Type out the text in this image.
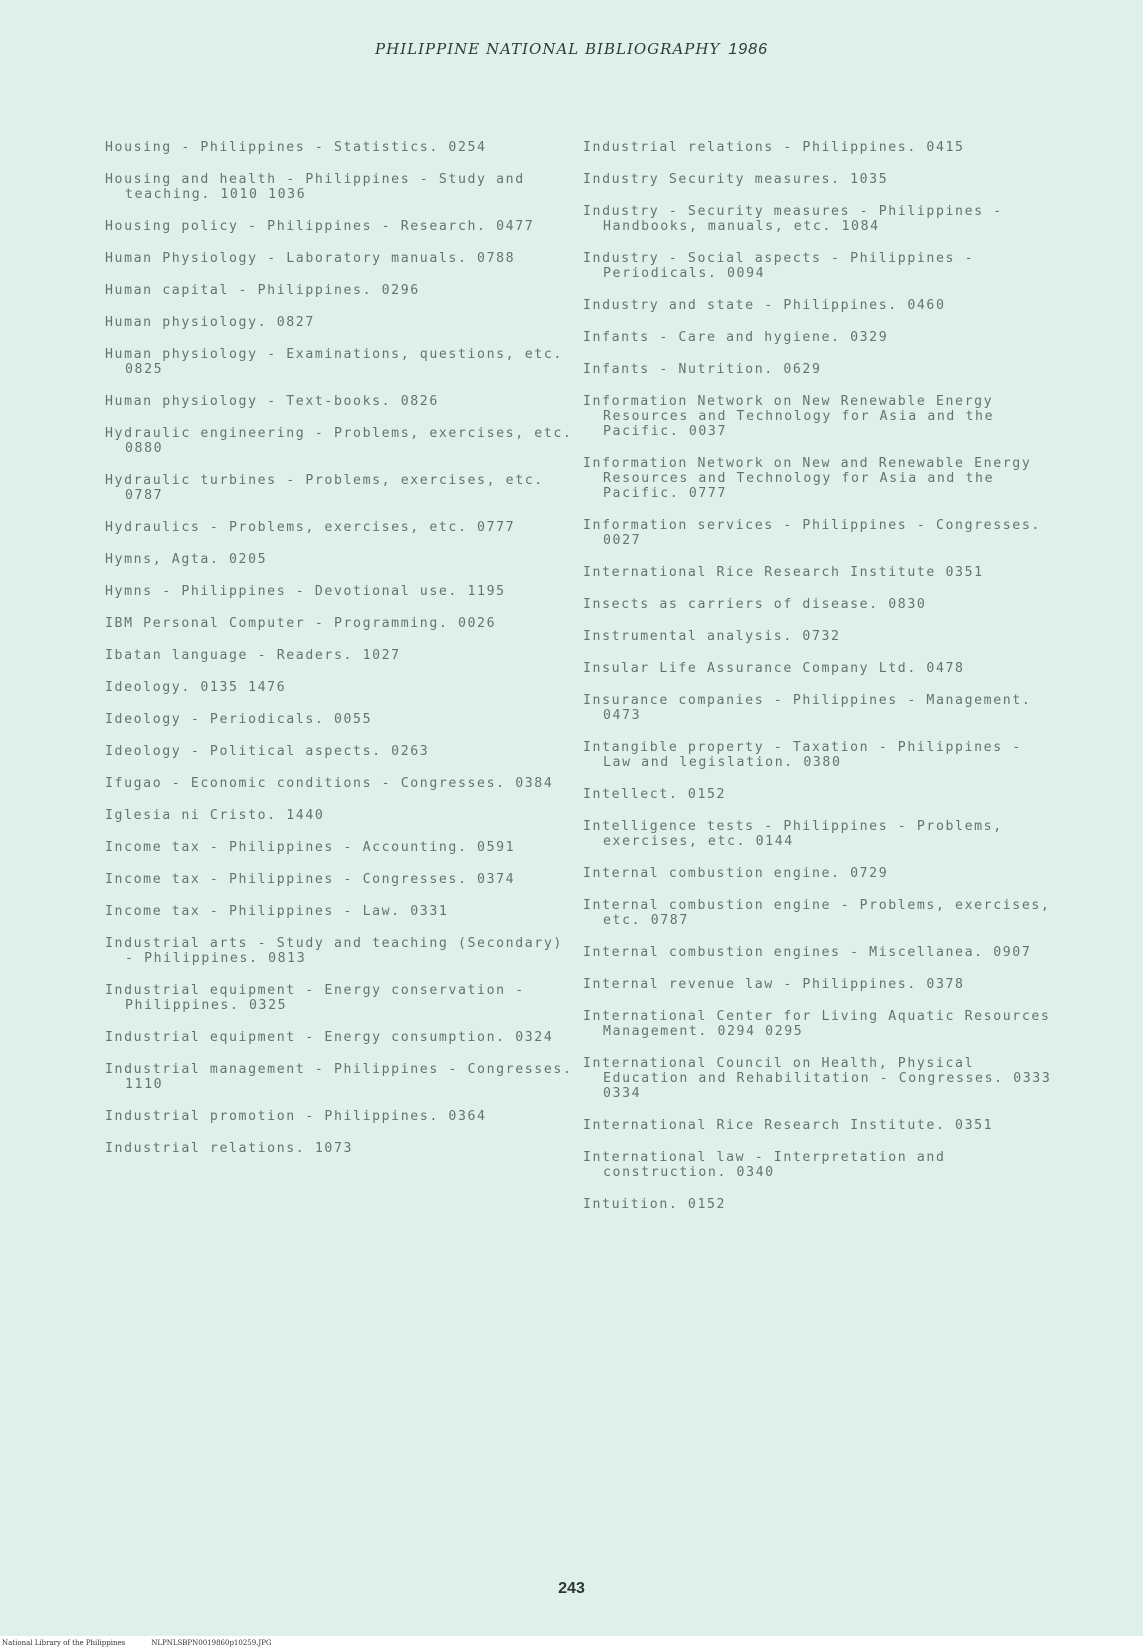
PHILIPPINE NATIONAL BIBLIOGRAPHY 1986

Housing - Philippines - Statistics. 0254

Housing and health - Philippines - Study and teaching. 1010 1036

Housing policy - Philippines - Research. 0477

Human Physiology - Laboratory manuals. 0788

Human capital - Philippines. 0296

Human physiology. 0827

Human physiology - Examinations, questions, etc. 0825

Human physiology - Text-books. 0826

Hydraulic engineering - Problems, exercises, etc. 0880

Hydraulic turbines - Problems, exercises, etc. 0787

Hydraulics - Problems, exercises, etc. 0777

Hymns, Agta. 0205

Hymns - Philippines - Devotional use. 1195

IBM Personal Computer - Programming. 0026

Ibatan language - Readers. 1027

Ideology. 0135 1476

Ideology - Periodicals. 0055

Ideology - Political aspects. 0263

Ifugao - Economic conditions - Congresses. 0384

Iglesia ni Cristo. 1440

Income tax - Philippines - Accounting. 0591

Income tax - Philippines - Congresses. 0374

Income tax - Philippines - Law. 0331

Industrial arts - Study and teaching (Secondary) - Philippines. 0813

Industrial equipment - Energy conservation - Philippines. 0325

Industrial equipment - Energy consumption. 0324

Industrial management - Philippines - Congresses. 1110

Industrial promotion - Philippines. 0364

Industrial relations. 1073

Industrial relations - Philippines. 0415

Industry Security measures. 1035

Industry - Security measures - Philippines - Handbooks, manuals, etc. 1084

Industry - Social aspects - Philippines - Periodicals. 0094

Industry and state - Philippines. 0460

Infants - Care and hygiene. 0329

Infants - Nutrition. 0629

Information Network on New Renewable Energy Resources and Technology for Asia and the Pacific. 0037

Information Network on New and Renewable Energy Resources and Technology for Asia and the Pacific. 0777

Information services - Philippines - Congresses. 0027

International Rice Research Institute 0351

Insects as carriers of disease. 0830

Instrumental analysis. 0732

Insular Life Assurance Company Ltd. 0478

Insurance companies - Philippines - Management. 0473

Intangible property - Taxation - Philippines - Law and legislation. 0380

Intellect. 0152

Intelligence tests - Philippines - Problems, exercises, etc. 0144

Internal combustion engine. 0729

Internal combustion engine - Problems, exercises, etc. 0787

Internal combustion engines - Miscellanea. 0907

Internal revenue law - Philippines. 0378

International Center for Living Aquatic Resources Management. 0294 0295

International Council on Health, Physical Education and Rehabilitation - Congresses. 0333 0334

International Rice Research Institute. 0351

International law - Interpretation and construction. 0340

Intuition. 0152

243
National Library of the Philippines	NLPNLSBPN0019860p10259.JPG
